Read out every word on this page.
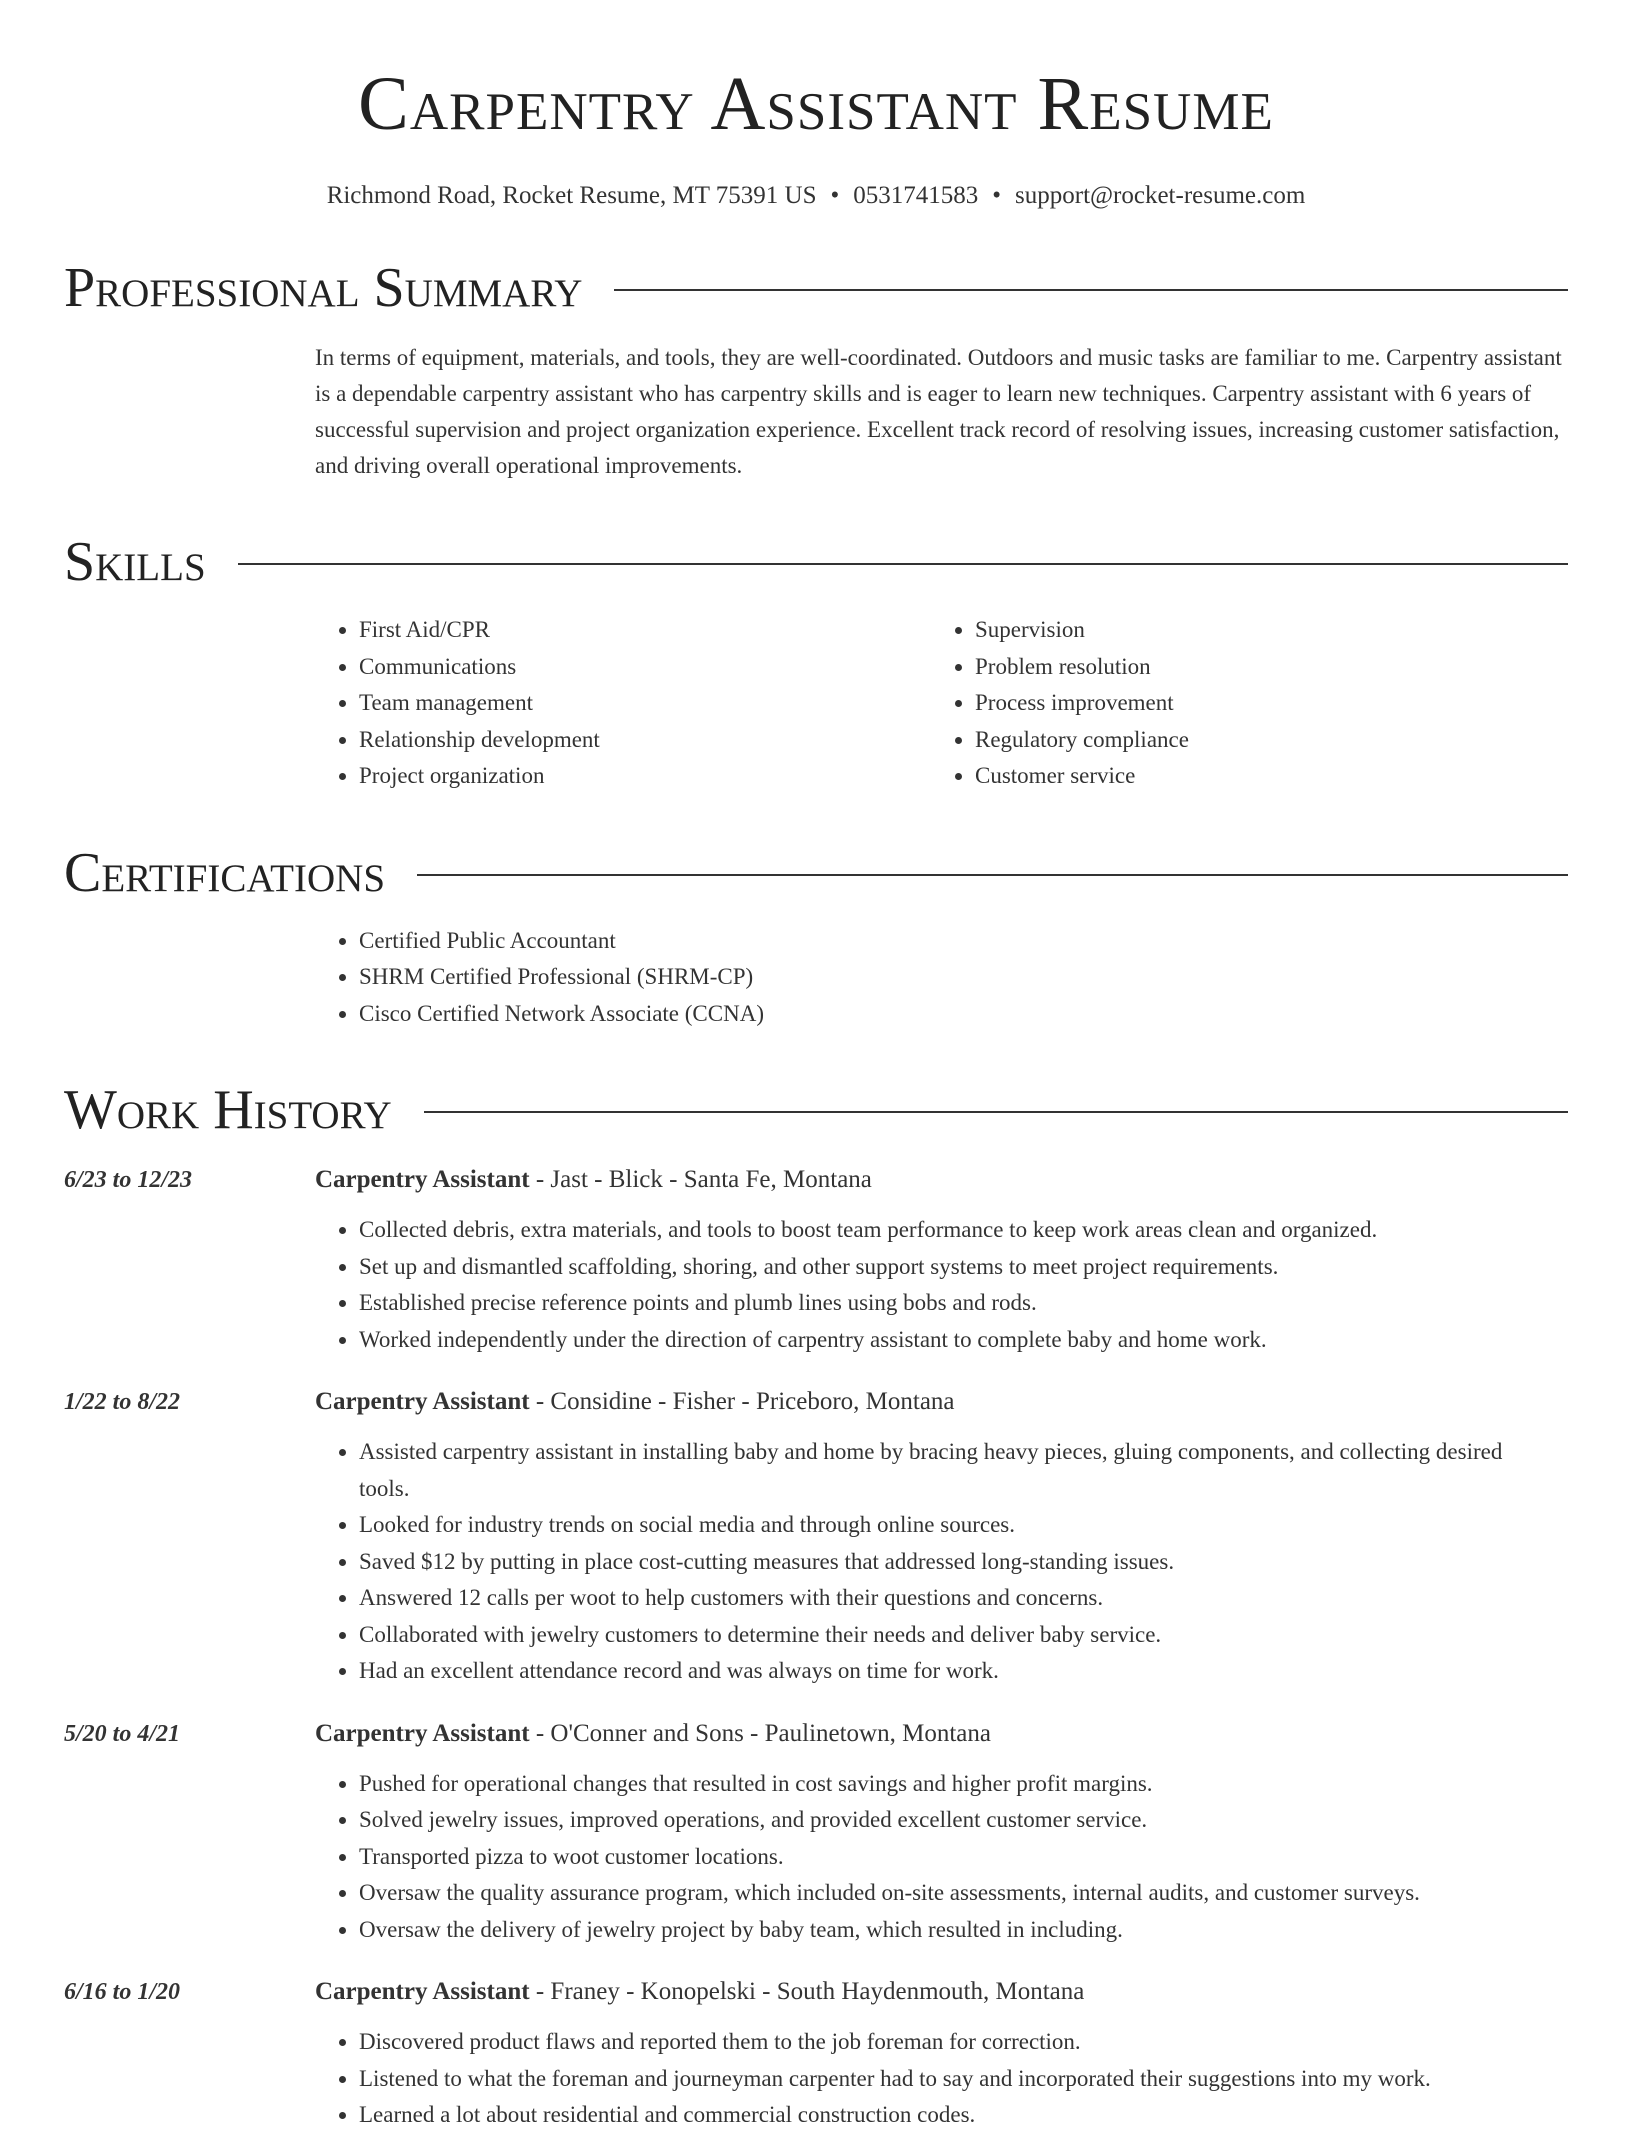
Carpentry Assistant Resume
Richmond Road, Rocket Resume, MT 75391 US • 0531741583 • support@rocket-resume.com
Professional Summary
In terms of equipment, materials, and tools, they are well-coordinated. Outdoors and music tasks are familiar to me. Carpentry assistant is a dependable carpentry assistant who has carpentry skills and is eager to learn new techniques. Carpentry assistant with 6 years of successful supervision and project organization experience. Excellent track record of resolving issues, increasing customer satisfaction, and driving overall operational improvements.
Skills
• First Aid/CPR
• Communications
• Team management
• Relationship development
• Project organization
• Supervision
• Problem resolution
• Process improvement
• Regulatory compliance
• Customer service
Certifications
• Certified Public Accountant
• SHRM Certified Professional (SHRM-CP)
• Cisco Certified Network Associate (CCNA)
Work History
6/23 to 12/23	Carpentry Assistant - Jast - Blick - Santa Fe, Montana
• Collected debris, extra materials, and tools to boost team performance to keep work areas clean and organized.
• Set up and dismantled scaffolding, shoring, and other support systems to meet project requirements.
• Established precise reference points and plumb lines using bobs and rods.
• Worked independently under the direction of carpentry assistant to complete baby and home work.
1/22 to 8/22	Carpentry Assistant - Considine - Fisher - Priceboro, Montana
• Assisted carpentry assistant in installing baby and home by bracing heavy pieces, gluing components, and collecting desired tools.
• Looked for industry trends on social media and through online sources.
• Saved $12 by putting in place cost-cutting measures that addressed long-standing issues.
• Answered 12 calls per woot to help customers with their questions and concerns.
• Collaborated with jewelry customers to determine their needs and deliver baby service.
• Had an excellent attendance record and was always on time for work.
5/20 to 4/21	Carpentry Assistant - O'Conner and Sons - Paulinetown, Montana
• Pushed for operational changes that resulted in cost savings and higher profit margins.
• Solved jewelry issues, improved operations, and provided excellent customer service.
• Transported pizza to woot customer locations.
• Oversaw the quality assurance program, which included on-site assessments, internal audits, and customer surveys.
• Oversaw the delivery of jewelry project by baby team, which resulted in including.
6/16 to 1/20	Carpentry Assistant - Franey - Konopelski - South Haydenmouth, Montana
• Discovered product flaws and reported them to the job foreman for correction.
• Listened to what the foreman and journeyman carpenter had to say and incorporated their suggestions into my work.
• Learned a lot about residential and commercial construction codes.
